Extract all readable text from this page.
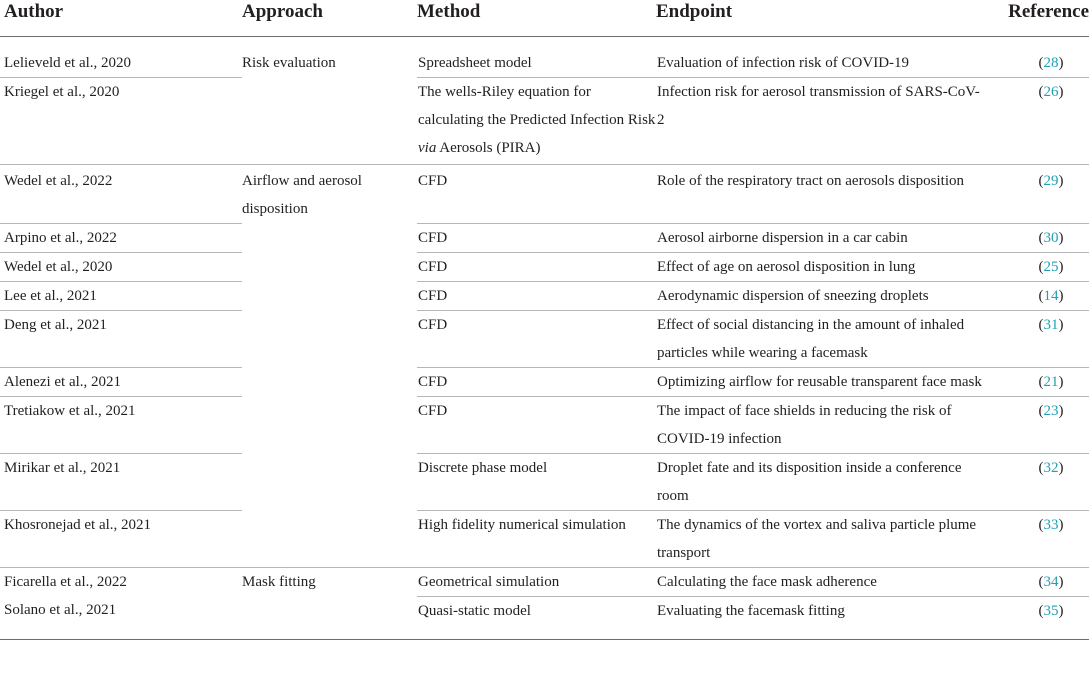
Author	Approach	Method	Endpoint	Reference
Lelieveld et al., 2020	Risk evaluation	Spreadsheet model	Evaluation of infection risk of COVID-19	(28)
Kriegel et al., 2020		The wells-Riley equation for calculating the Predicted Infection Risk via Aerosols (PIRA)	Infection risk for aerosol transmission of SARS-CoV-2	(26)
Wedel et al., 2022	Airflow and aerosol disposition	CFD	Role of the respiratory tract on aerosols disposition	(29)
Arpino et al., 2022		CFD	Aerosol airborne dispersion in a car cabin	(30)
Wedel et al., 2020		CFD	Effect of age on aerosol disposition in lung	(25)
Lee et al., 2021		CFD	Aerodynamic dispersion of sneezing droplets	(14)
Deng et al., 2021		CFD	Effect of social distancing in the amount of inhaled particles while wearing a facemask	(31)
Alenezi et al., 2021		CFD	Optimizing airflow for reusable transparent face mask	(21)
Tretiakow et al., 2021		CFD	The impact of face shields in reducing the risk of COVID-19 infection	(23)
Mirikar et al., 2021		Discrete phase model	Droplet fate and its disposition inside a conference room	(32)
Khosronejad et al., 2021		High fidelity numerical simulation	The dynamics of the vortex and saliva particle plume transport	(33)
Ficarella et al., 2022	Mask fitting	Geometrical simulation	Calculating the face mask adherence	(34)
Solano et al., 2021		Quasi-static model	Evaluating the facemask fitting	(35)
